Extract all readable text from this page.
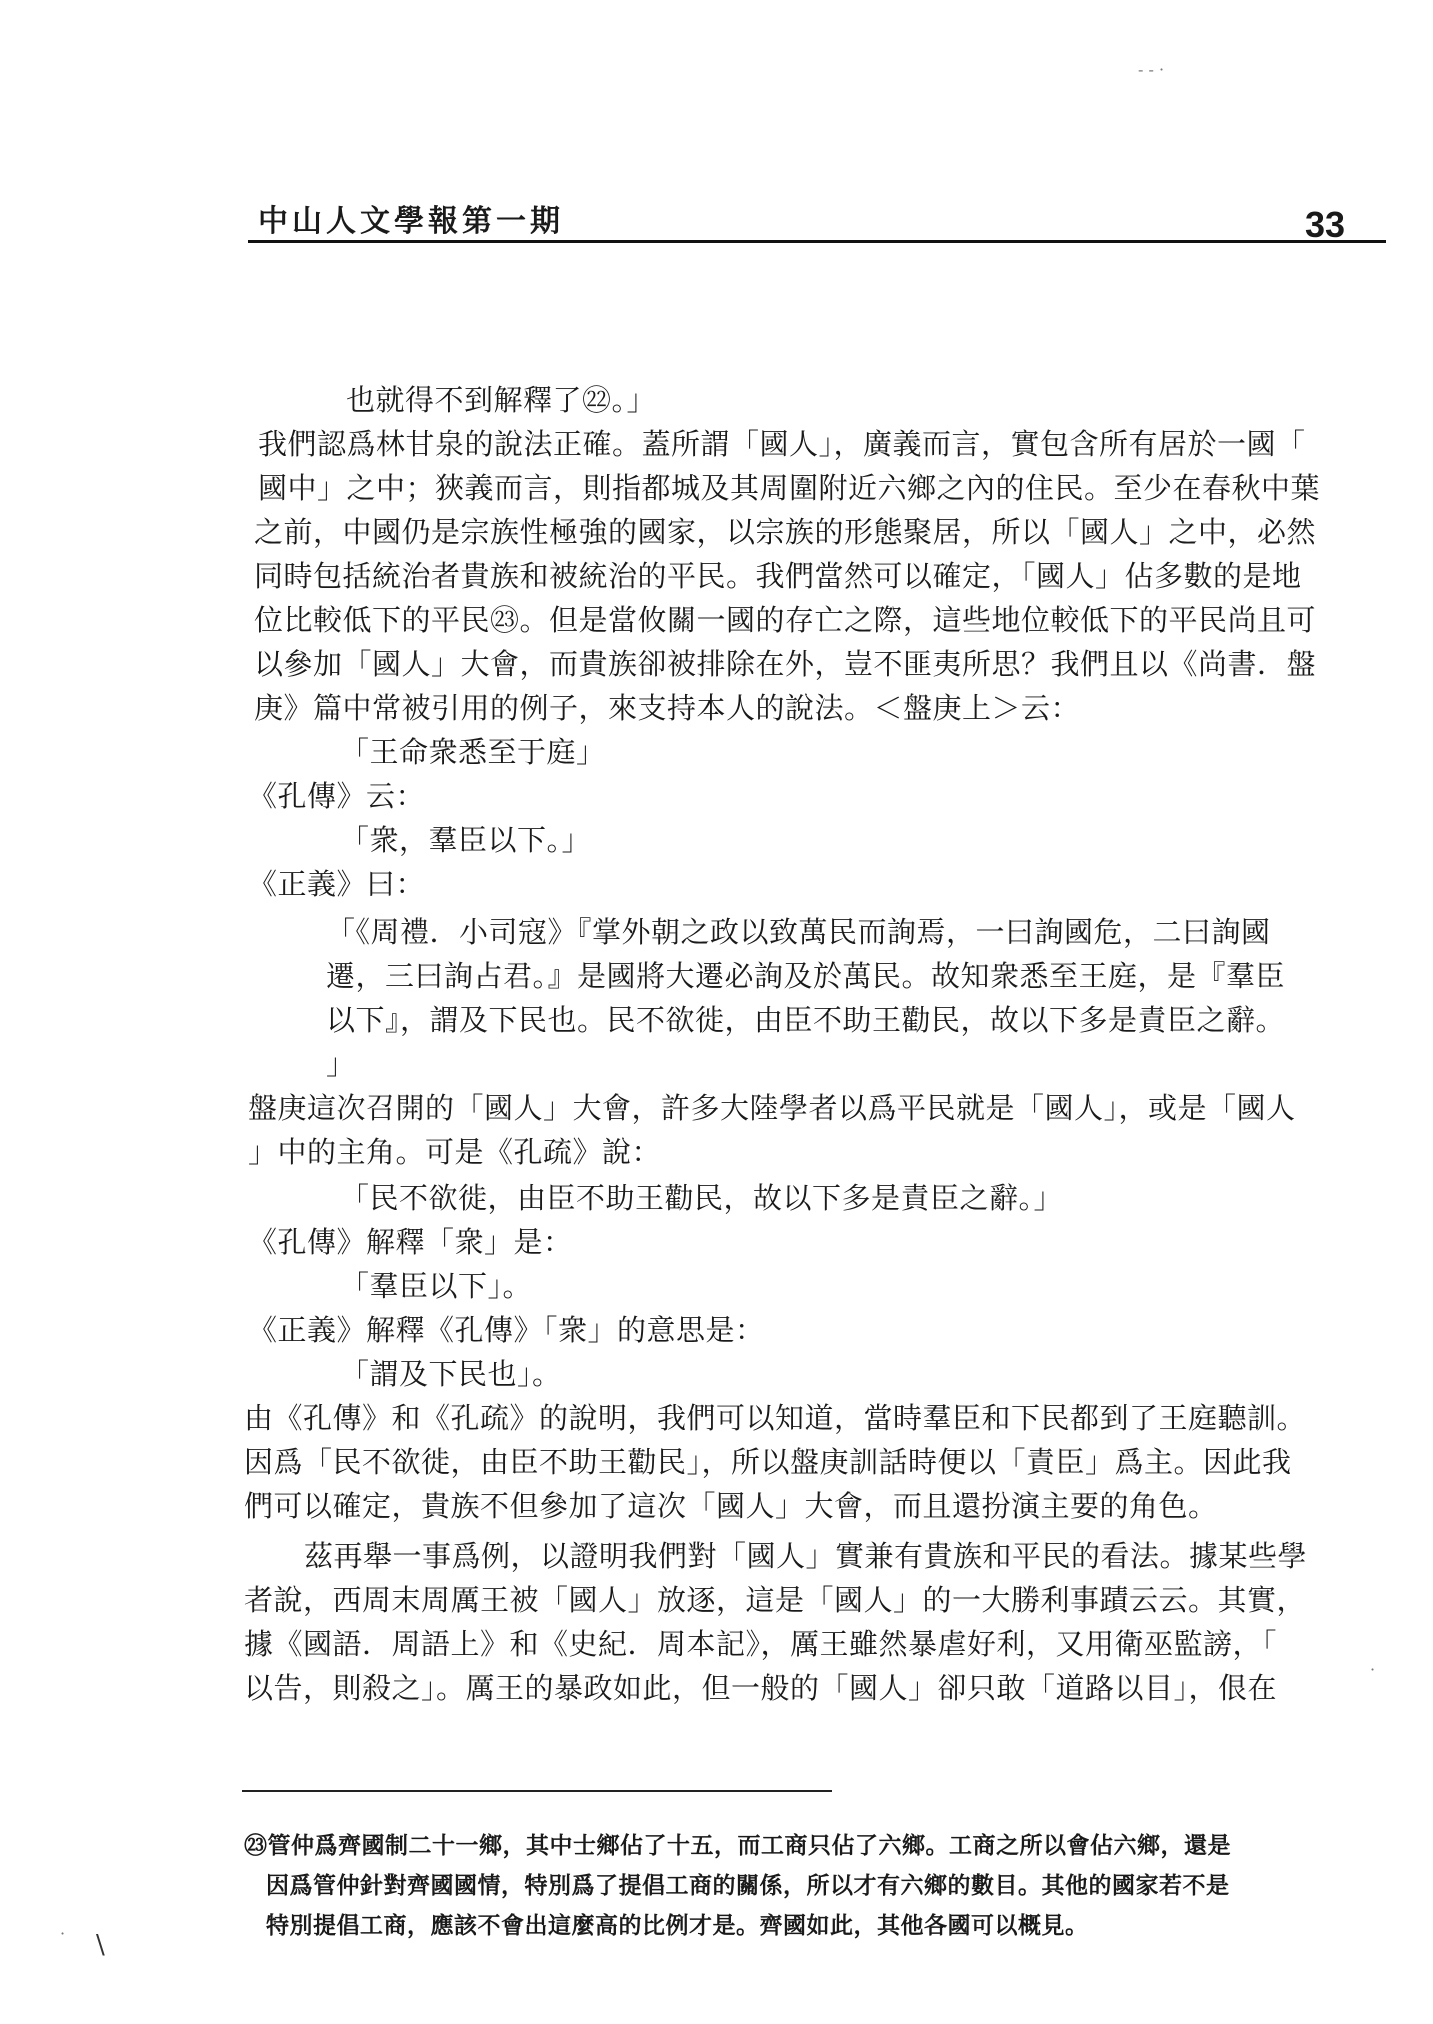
中山人文學報第一期	33
也就得不到解釋了㉒。」
我們認爲林甘泉的說法正確。蓋所謂「國人」，廣義而言，實包含所有居於一國「
國中」之中；狹義而言，則指都城及其周圍附近六鄉之內的住民。至少在春秋中葉
之前，中國仍是宗族性極強的國家，以宗族的形態聚居，所以「國人」之中，必然
同時包括統治者貴族和被統治的平民。我們當然可以確定，「國人」佔多數的是地
位比較低下的平民㉓。但是當攸關一國的存亡之際，這些地位較低下的平民尚且可
以參加「國人」大會，而貴族卻被排除在外，豈不匪夷所思？我們且以《尚書．盤
庚》篇中常被引用的例子，來支持本人的說法。＜盤庚上＞云：
「王命衆悉至于庭」
《孔傳》云：
「衆，羣臣以下。」
《正義》曰：
「《周禮．小司寇》『掌外朝之政以致萬民而詢焉，一曰詢國危，二曰詢國
遷，三曰詢占君。』是國將大遷必詢及於萬民。故知衆悉至王庭，是『羣臣
以下』，謂及下民也。民不欲徙，由臣不助王勸民，故以下多是責臣之辭。
」
盤庚這次召開的「國人」大會，許多大陸學者以爲平民就是「國人」，或是「國人
」中的主角。可是《孔疏》說：
「民不欲徙，由臣不助王勸民，故以下多是責臣之辭。」
《孔傳》解釋「衆」是：
「羣臣以下」。
《正義》解釋《孔傳》「衆」的意思是：
「謂及下民也」。
由《孔傳》和《孔疏》的說明，我們可以知道，當時羣臣和下民都到了王庭聽訓。
因爲「民不欲徙，由臣不助王勸民」，所以盤庚訓話時便以「責臣」爲主。因此我
們可以確定，貴族不但參加了這次「國人」大會，而且還扮演主要的角色。
茲再舉一事爲例，以證明我們對「國人」實兼有貴族和平民的看法。據某些學
者說，西周末周厲王被「國人」放逐，這是「國人」的一大勝利事蹟云云。其實，
據《國語．周語上》和《史紀．周本記》，厲王雖然暴虐好利，又用衛巫監謗，「
以告，則殺之」。厲王的暴政如此，但一般的「國人」卻只敢「道路以目」，佷在
㉓管仲爲齊國制二十一鄉，其中士鄉佔了十五，而工商只佔了六鄉。工商之所以會佔六鄉，還是
因爲管仲針對齊國國情，特別爲了提倡工商的關係，所以才有六鄉的數目。其他的國家若不是
特別提倡工商，應該不會出這麼高的比例才是。齊國如此，其他各國可以概見。
‐ ‐ ·
·
\
·
